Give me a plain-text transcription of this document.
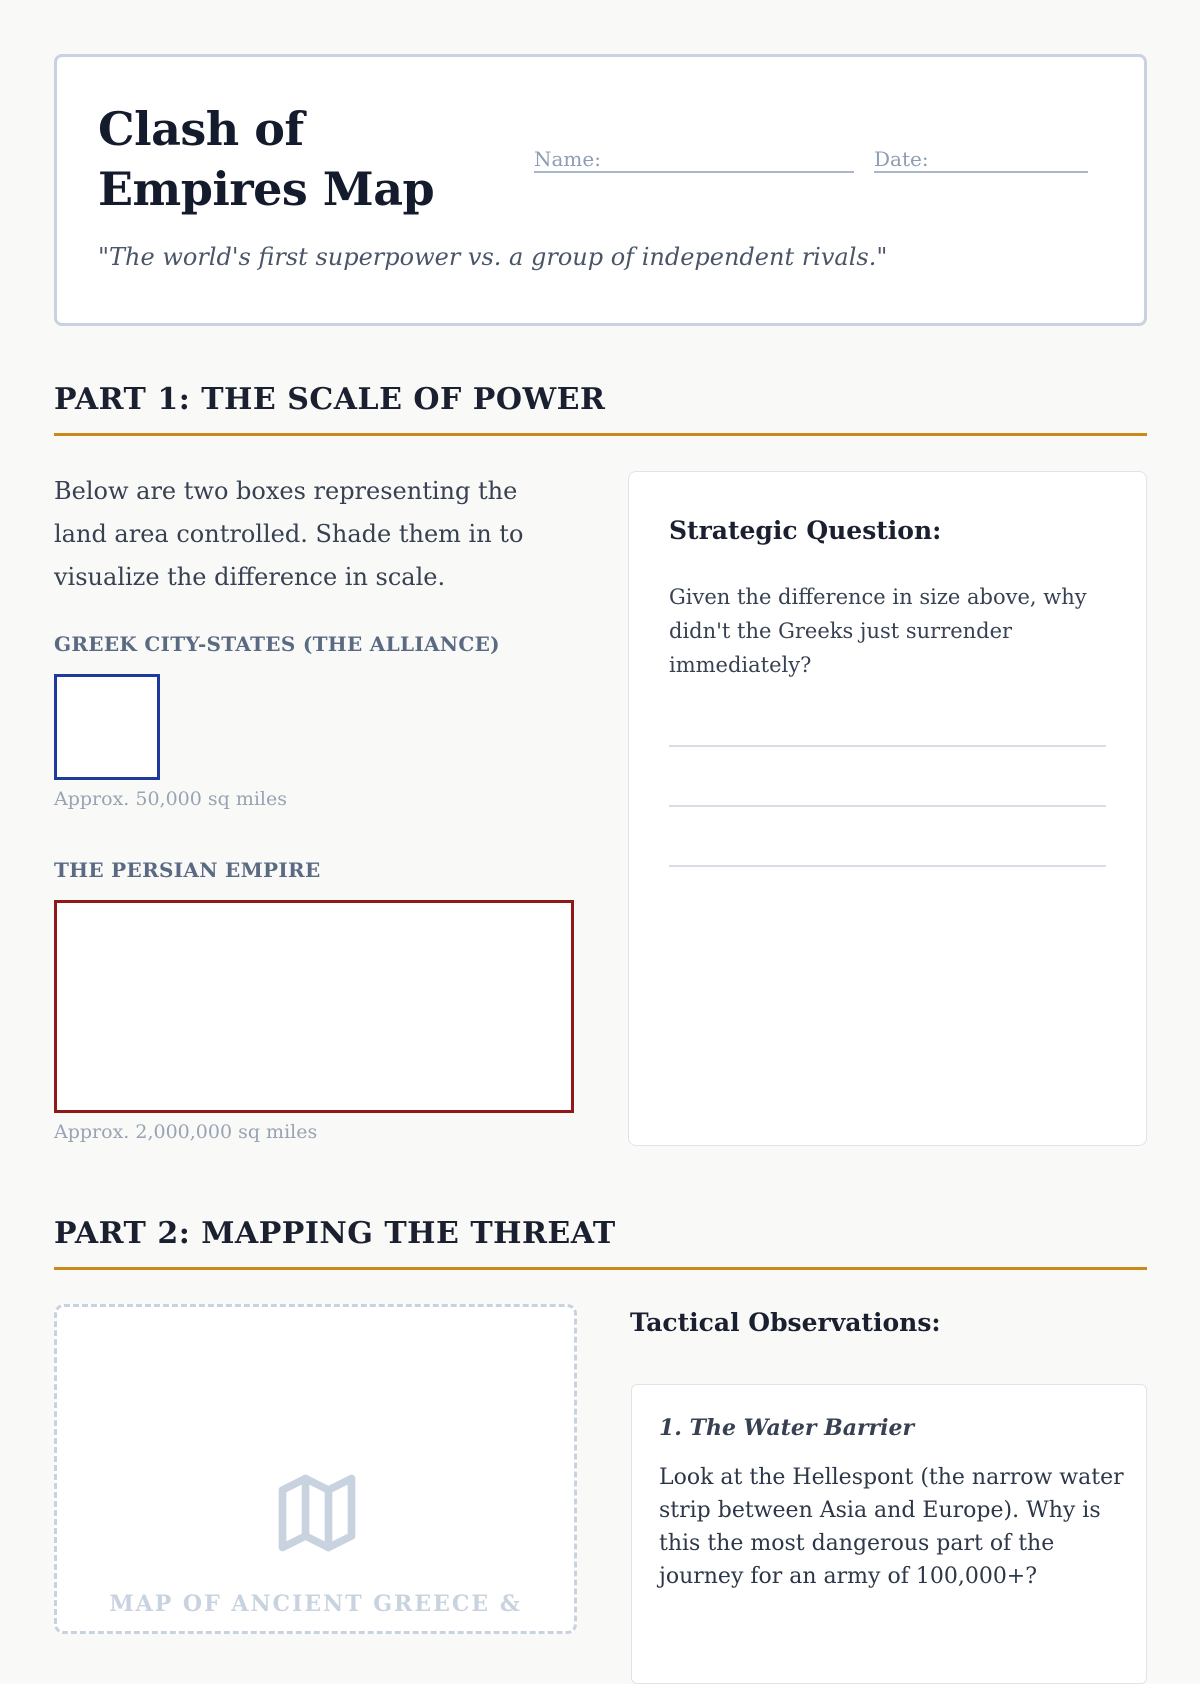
Clash of Empires Map
Name:	Date:

"The world's first superpower vs. a group of independent rivals."

PART 1: THE SCALE OF POWER

Below are two boxes representing the land area controlled. Shade them in to visualize the difference in scale.

GREEK CITY-STATES (THE ALLIANCE)
Approx. 50,000 sq miles
THE PERSIAN EMPIRE
Approx. 2,000,000 sq miles
Strategic Question:

Given the difference in size above, why didn't the Greeks just surrender immediately?

PART 2: MAPPING THE THREAT
MAP OF ANCIENT GREECE &
Tactical Observations:
1. The Water Barrier

Look at the Hellespont (the narrow water strip between Asia and Europe). Why is this the most dangerous part of the journey for an army of 100,000+?
